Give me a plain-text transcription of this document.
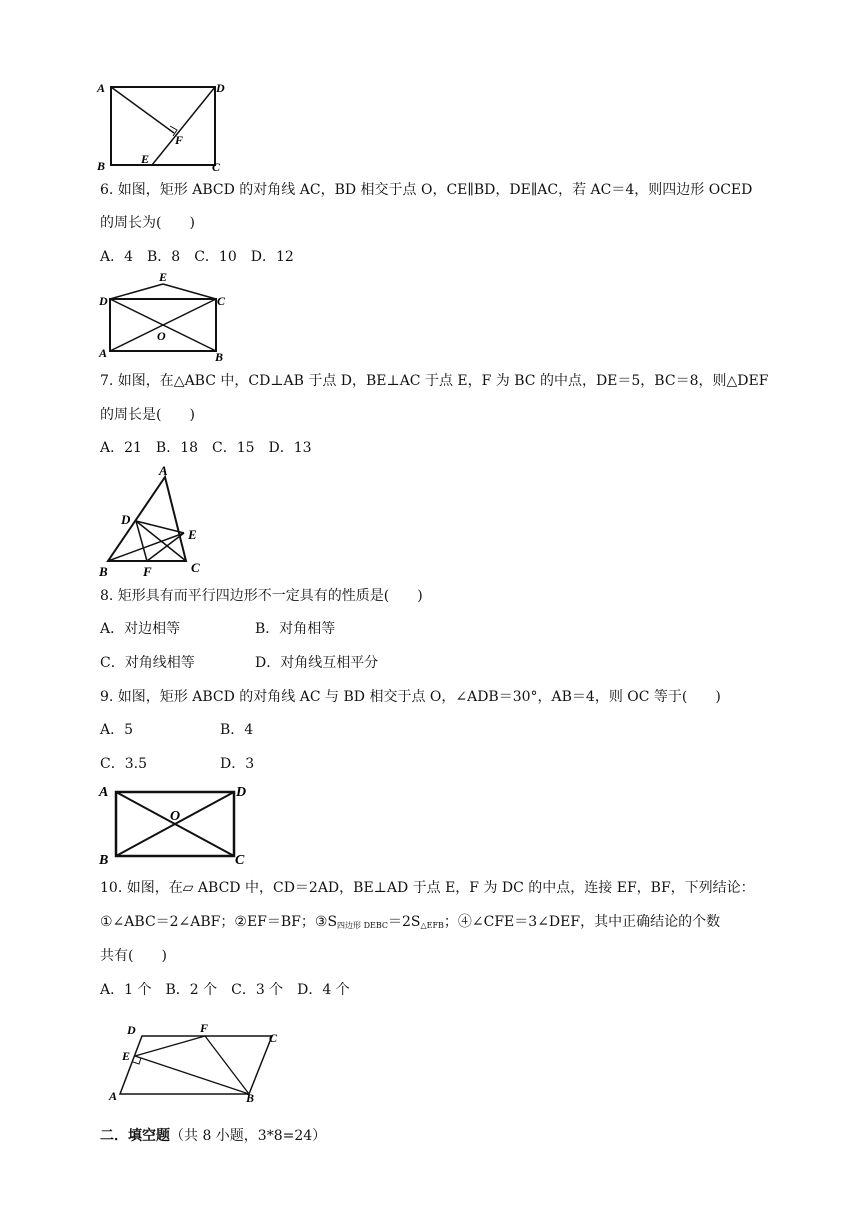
A	D
B	C
E
F
6. 如图，矩形 ABCD 的对角线 AC，BD 相交于点 O，CE∥BD，DE∥AC，若 AC＝4，则四边形 OCED
的周长为(　　)
A．4　B．8　C．10　D．12
E
D	C
O
A	B
7. 如图，在△ABC 中，CD⊥AB 于点 D，BE⊥AC 于点 E，F 为 BC 的中点，DE＝5，BC＝8，则△DEF
的周长是(　　)
A．21　B．18　C．15　D．13
A
D
E
B	F	C
8. 矩形具有而平行四边形不一定具有的性质是(　　)
A．对边相等	B．对角相等
C．对角线相等	D．对角线互相平分
9. 如图，矩形 ABCD 的对角线 AC 与 BD 相交于点 O，∠ADB＝30°，AB＝4，则 OC 等于(　　)
A．5	B．4
C．3.5	D．3
A	D
O
B	C
10. 如图，在▱ ABCD 中，CD＝2AD，BE⊥AD 于点 E，F 为 DC 的中点，连接 EF，BF，下列结论：
①∠ABC＝2∠ABF；②EF＝BF；$③S_{四边形 DEBC}=2S_{\triangle EFB}$；④∠CFE＝3∠DEF，其中正确结论的个数
共有(　　)
A．1 个　B．2 个　C．3 个　D．4 个
D	F
C
E
A	B
二．填空题（共 8 小题，3*8=24）
